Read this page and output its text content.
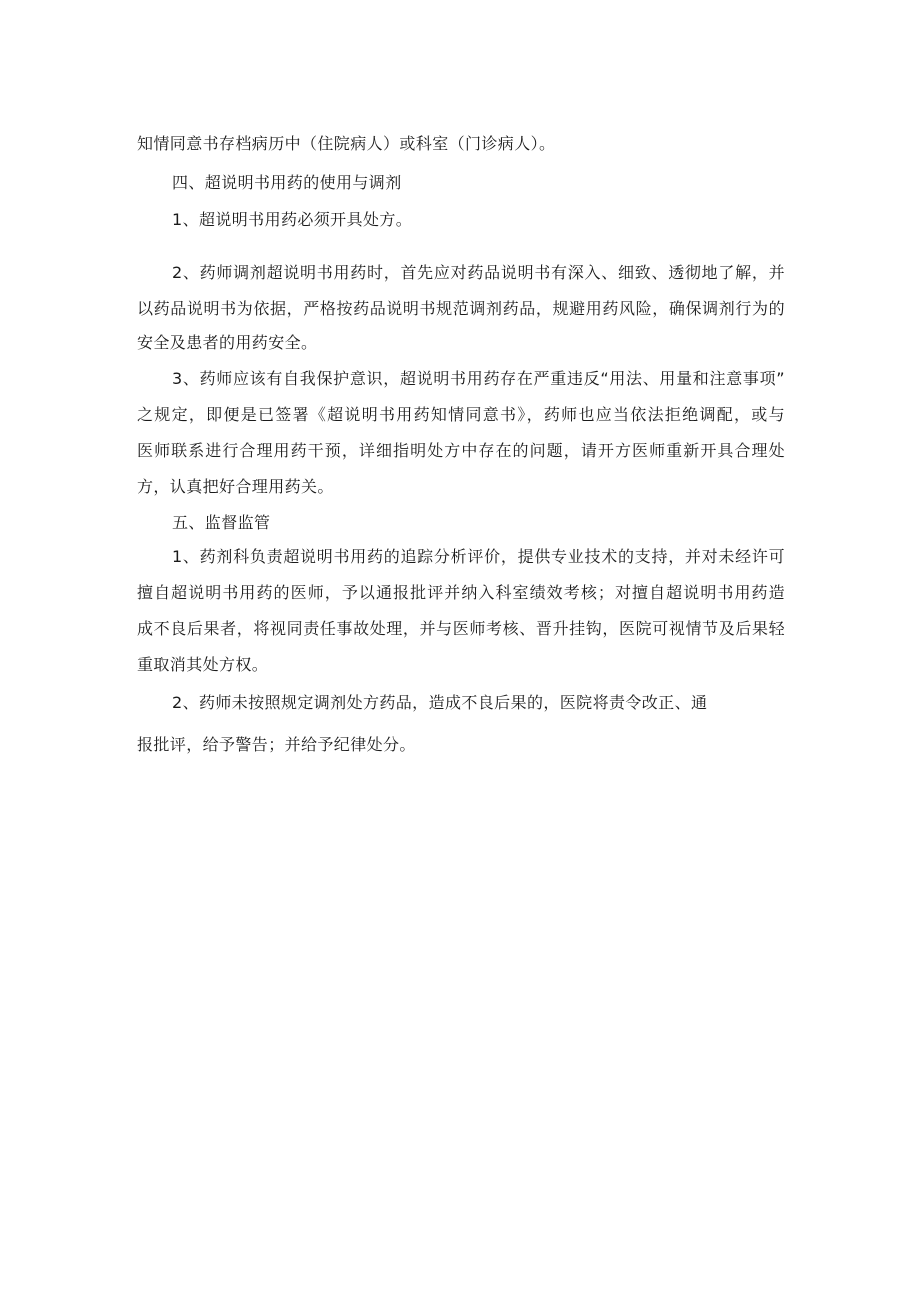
知情同意书存档病历中（住院病人）或科室（门诊病人）。
四、超说明书用药的使用与调剂
1、超说明书用药必须开具处方。
2、药师调剂超说明书用药时，首先应对药品说明书有深入、细致、透彻地了解，并
以药品说明书为依据，严格按药品说明书规范调剂药品，规避用药风险，确保调剂行为的
安全及患者的用药安全。
3、药师应该有自我保护意识，超说明书用药存在严重违反“用法、用量和注意事项”
之规定，即便是已签署《超说明书用药知情同意书》，药师也应当依法拒绝调配，或与
医师联系进行合理用药干预，详细指明处方中存在的问题，请开方医师重新开具合理处
方，认真把好合理用药关。
五、监督监管
1、药剂科负责超说明书用药的追踪分析评价，提供专业技术的支持，并对未经许可
擅自超说明书用药的医师，予以通报批评并纳入科室绩效考核；对擅自超说明书用药造
成不良后果者，将视同责任事故处理，并与医师考核、晋升挂钩，医院可视情节及后果轻
重取消其处方权。
2、药师未按照规定调剂处方药品，造成不良后果的，医院将责令改正、通
报批评，给予警告；并给予纪律处分。
